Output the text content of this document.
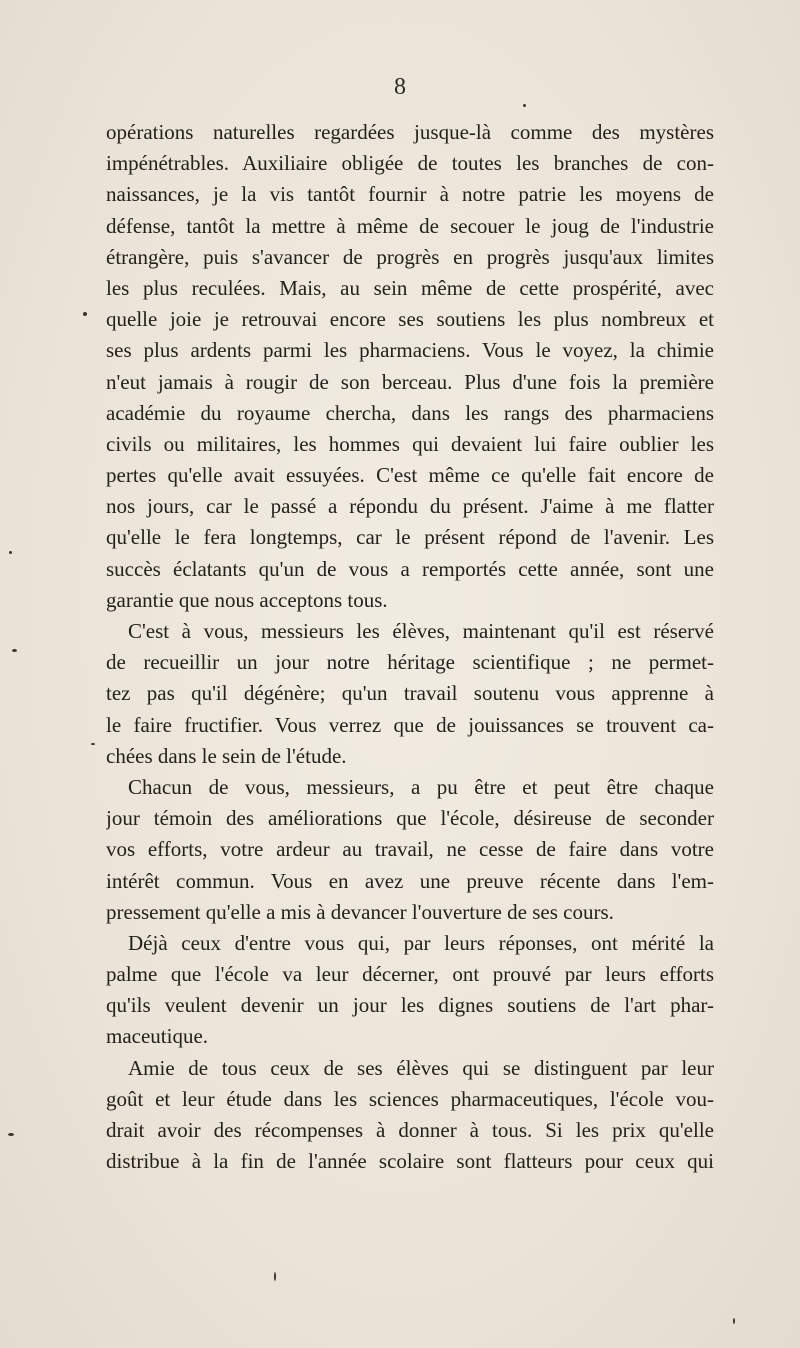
8
opérations naturelles regardées jusque-là comme des mystères
impénétrables. Auxiliaire obligée de toutes les branches de con-
naissances, je la vis tantôt fournir à notre patrie les moyens de
défense, tantôt la mettre à même de secouer le joug de l'industrie
étrangère, puis s'avancer de progrès en progrès jusqu'aux limites
les plus reculées. Mais, au sein même de cette prospérité, avec
quelle joie je retrouvai encore ses soutiens les plus nombreux et
ses plus ardents parmi les pharmaciens. Vous le voyez, la chimie
n'eut jamais à rougir de son berceau. Plus d'une fois la première
académie du royaume chercha, dans les rangs des pharmaciens
civils ou militaires, les hommes qui devaient lui faire oublier les
pertes qu'elle avait essuyées. C'est même ce qu'elle fait encore de
nos jours, car le passé a répondu du présent. J'aime à me flatter
qu'elle le fera longtemps, car le présent répond de l'avenir. Les
succès éclatants qu'un de vous a remportés cette année, sont une
garantie que nous acceptons tous.
C'est à vous, messieurs les élèves, maintenant qu'il est réservé
de recueillir un jour notre héritage scientifique ; ne permet-
tez pas qu'il dégénère; qu'un travail soutenu vous apprenne à
le faire fructifier. Vous verrez que de jouissances se trouvent ca-
chées dans le sein de l'étude.
Chacun de vous, messieurs, a pu être et peut être chaque
jour témoin des améliorations que l'école, désireuse de seconder
vos efforts, votre ardeur au travail, ne cesse de faire dans votre
intérêt commun. Vous en avez une preuve récente dans l'em-
pressement qu'elle a mis à devancer l'ouverture de ses cours.
Déjà ceux d'entre vous qui, par leurs réponses, ont mérité la
palme que l'école va leur décerner, ont prouvé par leurs efforts
qu'ils veulent devenir un jour les dignes soutiens de l'art phar-
maceutique.
Amie de tous ceux de ses élèves qui se distinguent par leur
goût et leur étude dans les sciences pharmaceutiques, l'école vou-
drait avoir des récompenses à donner à tous. Si les prix qu'elle
distribue à la fin de l'année scolaire sont flatteurs pour ceux qui
